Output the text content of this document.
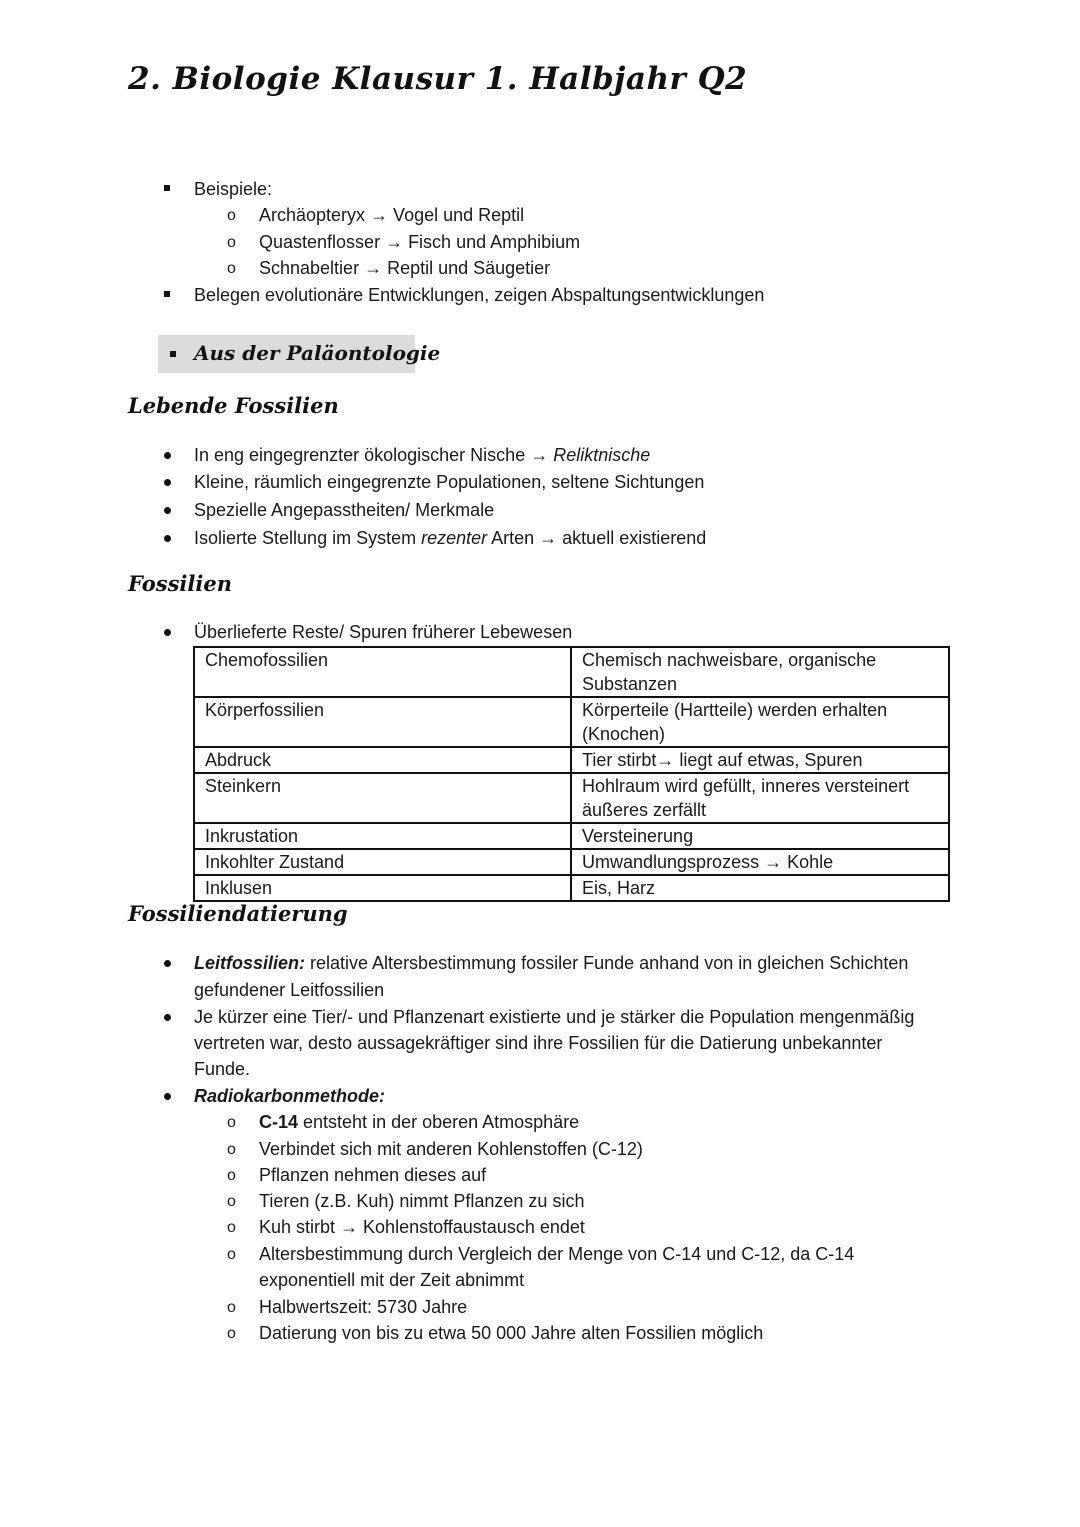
2. Biologie Klausur 1. Halbjahr Q2
Beispiele:
o Archäopteryx → Vogel und Reptil
o Quastenflosser → Fisch und Amphibium
o Schnabeltier → Reptil und Säugetier
Belegen evolutionäre Entwicklungen, zeigen Abspaltungsentwicklungen
Aus der Paläontologie
Lebende Fossilien
In eng eingegrenzter ökologischer Nische → Reliktnische
Kleine, räumlich eingegrenzte Populationen, seltene Sichtungen
Spezielle Angepasstheiten/ Merkmale
Isolierte Stellung im System rezenter Arten → aktuell existierend
Fossilien
Überlieferte Reste/ Spuren früherer Lebewesen
Chemofossilien	Chemisch nachweisbare, organische Substanzen
Körperfossilien	Körperteile (Hartteile) werden erhalten (Knochen)
Abdruck	Tier stirbt→ liegt auf etwas, Spuren
Steinkern	Hohlraum wird gefüllt, inneres versteinert äußeres zerfällt
Inkrustation	Versteinerung
Inkohlter Zustand	Umwandlungsprozess → Kohle
Inklusen	Eis, Harz
Fossiliendatierung
Leitfossilien: relative Altersbestimmung fossiler Funde anhand von in gleichen Schichten
gefundener Leitfossilien
Je kürzer eine Tier/- und Pflanzenart existierte und je stärker die Population mengenmäßig
vertreten war, desto aussagekräftiger sind ihre Fossilien für die Datierung unbekannter
Funde.
Radiokarbonmethode:
o C-14 entsteht in der oberen Atmosphäre
o Verbindet sich mit anderen Kohlenstoffen (C-12)
o Pflanzen nehmen dieses auf
o Tieren (z.B. Kuh) nimmt Pflanzen zu sich
o Kuh stirbt → Kohlenstoffaustausch endet
o Altersbestimmung durch Vergleich der Menge von C-14 und C-12, da C-14
exponentiell mit der Zeit abnimmt
o Halbwertszeit: 5730 Jahre
o Datierung von bis zu etwa 50 000 Jahre alten Fossilien möglich
